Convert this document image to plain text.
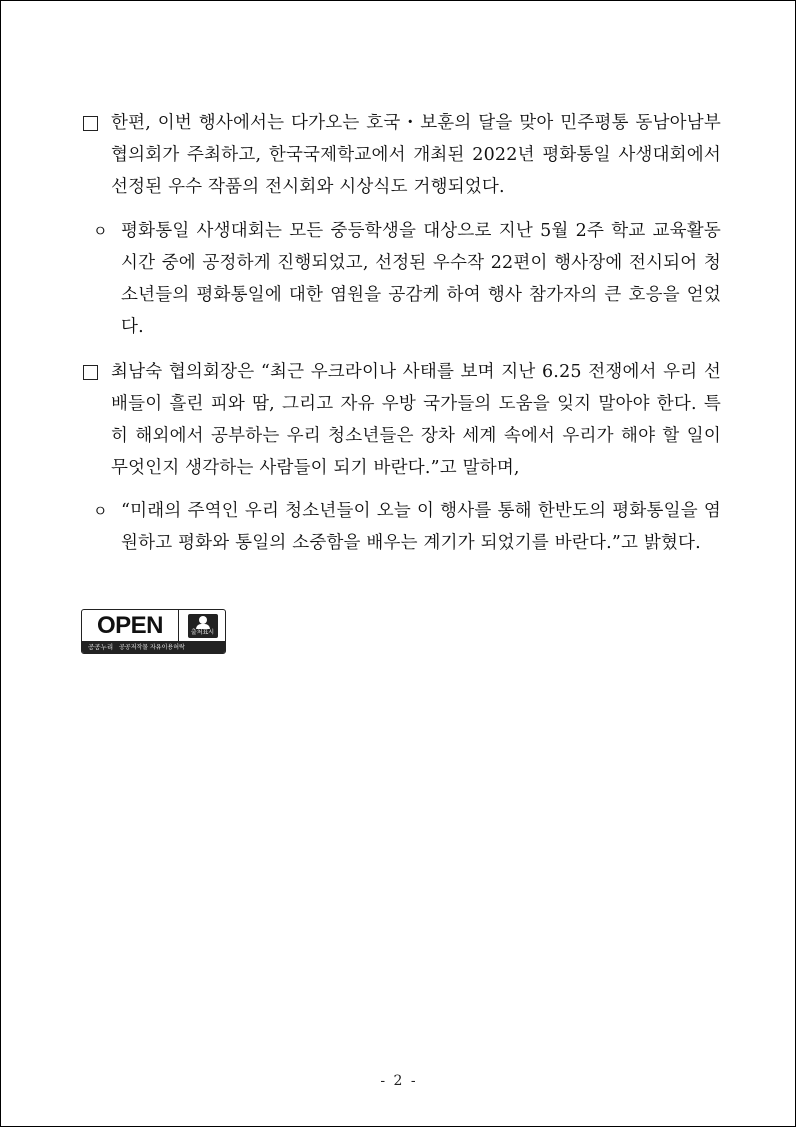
한편, 이번 행사에서는 다가오는 호국・보훈의 달을 맞아 민주평통 동남아남부협의회가 주최하고, 한국국제학교에서 개최된 2022년 평화통일 사생대회에서 선정된 우수 작품의 전시회와 시상식도 거행되었다.
ㅇ 평화통일 사생대회는 모든 중등학생을 대상으로 지난 5월 2주 학교 교육활동 시간 중에 공정하게 진행되었고, 선정된 우수작 22편이 행사장에 전시되어 청소년들의 평화통일에 대한 염원을 공감케 하여 행사 참가자의 큰 호응을 얻었다.
최남숙 협의회장은 “최근 우크라이나 사태를 보며 지난 6.25 전쟁에서 우리 선배들이 흘린 피와 땀, 그리고 자유 우방 국가들의 도움을 잊지 말아야 한다. 특히 해외에서 공부하는 우리 청소년들은 장차 세계 속에서 우리가 해야 할 일이 무엇인지 생각하는 사람들이 되기 바란다.”고 말하며,
ㅇ “미래의 주역인 우리 청소년들이 오늘 이 행사를 통해 한반도의 평화통일을 염원하고 평화와 통일의 소중함을 배우는 계기가 되었기를 바란다.”고 밝혔다.
OPEN	출처표시
공공누리 공공저작물 자유이용허락
- 2 -
